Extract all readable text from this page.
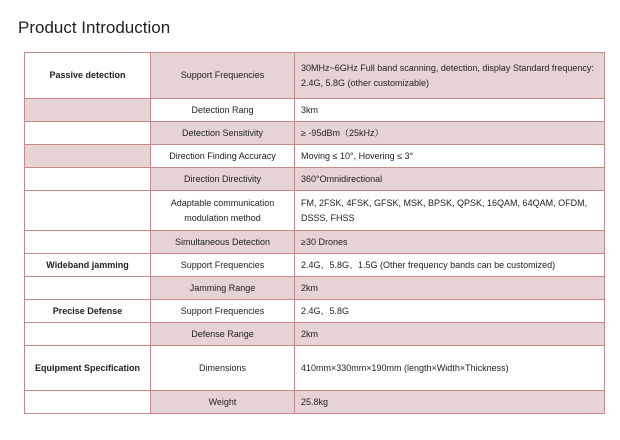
Product Introduction
Passive detection	Support Frequencies	30MHz~6GHz Full band scanning, detection, display Standard frequency: 2.4G, 5.8G (other customizable)
	Detection Rang	3km
	Detection Sensitivity	≥ -95dBm（25kHz）
	Direction Finding Accuracy	Moving ≤ 10°, Hovering ≤ 3°
	Direction Directivity	360°Omnidirectional
	Adaptable communication modulation method	FM, 2FSK, 4FSK, GFSK, MSK, BPSK, QPSK, 16QAM, 64QAM, OFDM, DSSS, FHSS
	Simultaneous Detection	≥30 Drones
Wideband jamming	Support Frequencies	2.4G、5.8G、1.5G (Other frequency bands can be customized)
	Jamming Range	2km
Precise Defense	Support Frequencies	2.4G、5.8G
	Defense Range	2km
Equipment Specification	Dimensions	410mm×330mm×190mm (length×Width×Thickness)
	Weight	25.8kg
